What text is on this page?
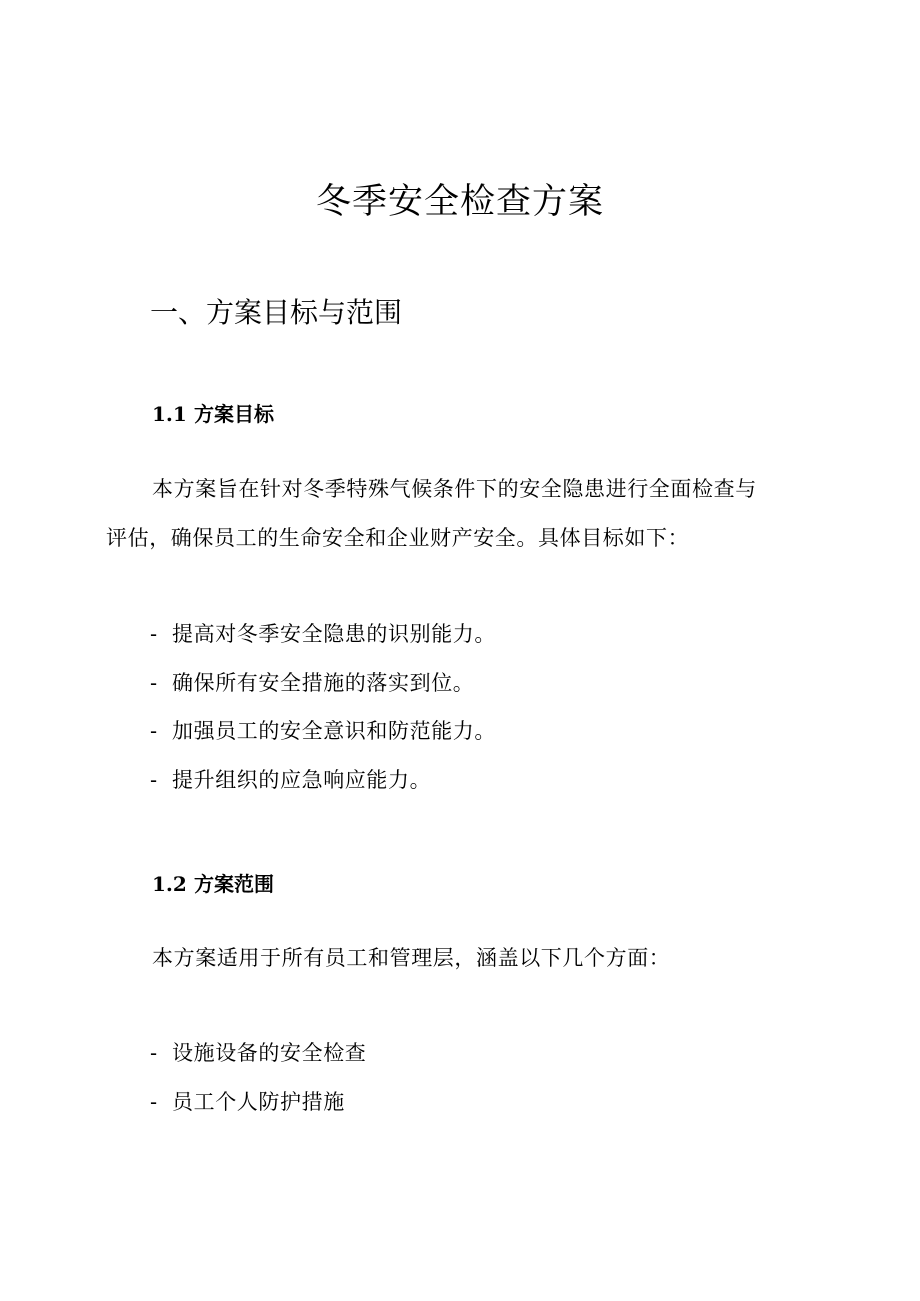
冬季安全检查方案
一、方案目标与范围
1.1 方案目标

本方案旨在针对冬季特殊气候条件下的安全隐患进行全面检查与

评估，确保员工的生命安全和企业财产安全。具体目标如下：

- 提高对冬季安全隐患的识别能力。

- 确保所有安全措施的落实到位。

- 加强员工的安全意识和防范能力。

- 提升组织的应急响应能力。

1.2 方案范围

本方案适用于所有员工和管理层，涵盖以下几个方面：

- 设施设备的安全检查

- 员工个人防护措施
